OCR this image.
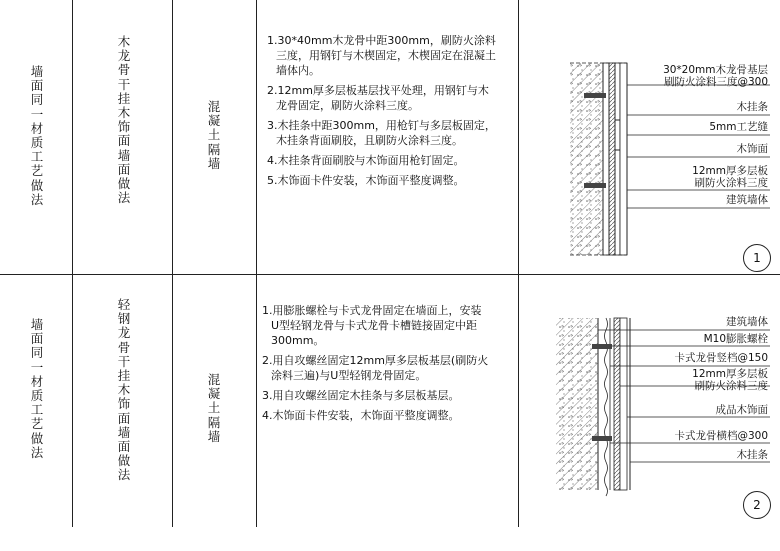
墙面同一材质工艺做法
木龙骨干挂木饰面墙面做法
混凝土隔墙
1.30*40mm木龙骨中距300mm，刷防火涂料
三度，用钢钉与木楔固定，木楔固定在混凝土
墙体内。
2.12mm厚多层板基层找平处理，用钢钉与木
龙骨固定，刷防火涂料三度。
3.木挂条中距300mm，用枪钉与多层板固定，
木挂条背面刷胶，且刷防火涂料三度。
4.木挂条背面刷胶与木饰面用枪钉固定。
5.木饰面卡件安装，木饰面平整度调整。
墙面同一材质工艺做法
轻钢龙骨干挂木饰面墙面做法
混凝土隔墙
1.用膨胀螺栓与卡式龙骨固定在墙面上，安装
U型轻钢龙骨与卡式龙骨卡槽链接固定中距
300mm。
2.用自攻螺丝固定12mm厚多层板基层(刷防火
涂料三遍)与U型轻钢龙骨固定。
3.用自攻螺丝固定木挂条与多层板基层。
4.木饰面卡件安装，木饰面平整度调整。
30*20mm木龙骨基层
刷防火涂料三度@300
木挂条
5mm工艺缝
木饰面
12mm厚多层板
刷防火涂料三度
建筑墙体
1
建筑墙体
M10膨胀螺栓
卡式龙骨竖档@150
12mm厚多层板
刷防火涂料三度
成品木饰面
卡式龙骨横档@300
木挂条
2
